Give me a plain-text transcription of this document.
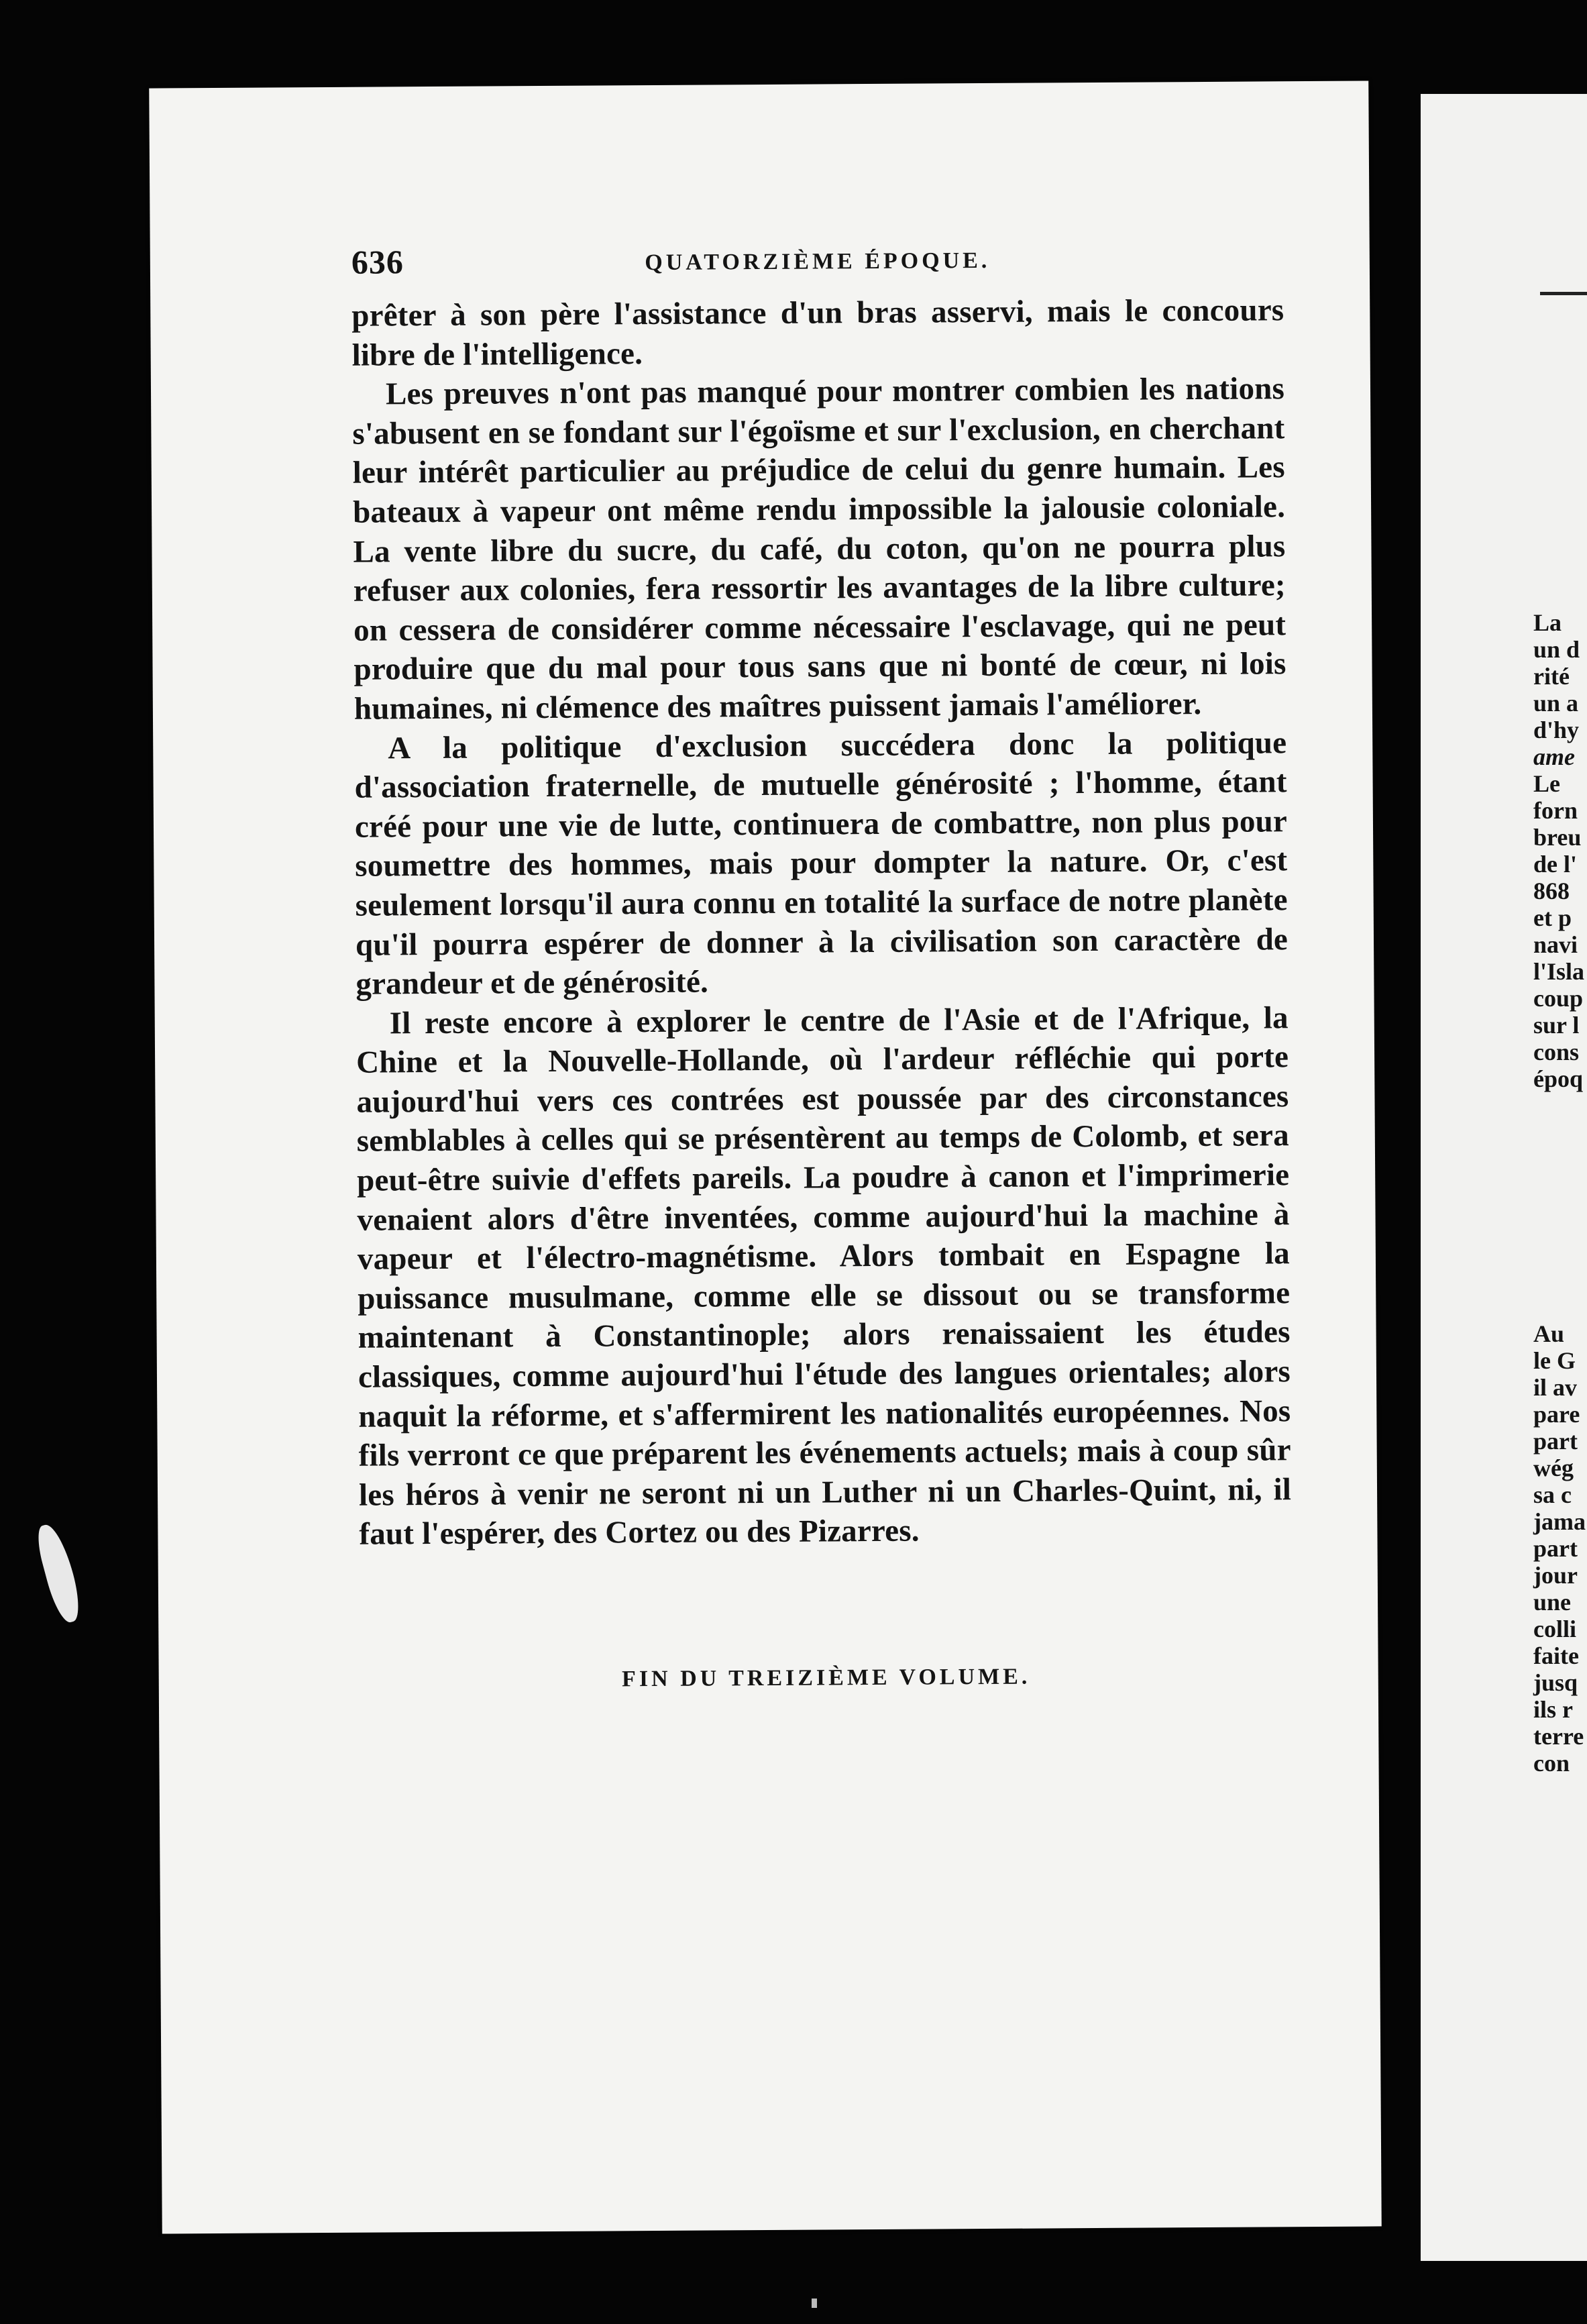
636	QUATORZIÈME ÉPOQUE.

prêter à son père l'assistance d'un bras asservi, mais le concours libre de l'intelligence.

Les preuves n'ont pas manqué pour montrer combien les nations s'abusent en se fondant sur l'égoïsme et sur l'exclusion, en cherchant leur intérêt particulier au préjudice de celui du genre humain. Les bateaux à vapeur ont même rendu impossible la jalousie coloniale. La vente libre du sucre, du café, du coton, qu'on ne pourra plus refuser aux colonies, fera ressortir les avantages de la libre culture; on cessera de considérer comme nécessaire l'esclavage, qui ne peut produire que du mal pour tous sans que ni bonté de cœur, ni lois humaines, ni clémence des maîtres puissent jamais l'améliorer.

A la politique d'exclusion succédera donc la politique d'association fraternelle, de mutuelle générosité ; l'homme, étant créé pour une vie de lutte, continuera de combattre, non plus pour soumettre des hommes, mais pour dompter la nature. Or, c'est seulement lorsqu'il aura connu en totalité la surface de notre planète qu'il pourra espérer de donner à la civilisation son caractère de grandeur et de générosité.

Il reste encore à explorer le centre de l'Asie et de l'Afrique, la Chine et la Nouvelle-Hollande, où l'ardeur réfléchie qui porte aujourd'hui vers ces contrées est poussée par des circonstances semblables à celles qui se présentèrent au temps de Colomb, et sera peut-être suivie d'effets pareils. La poudre à canon et l'imprimerie venaient alors d'être inventées, comme aujourd'hui la machine à vapeur et l'électro-magnétisme. Alors tombait en Espagne la puissance musulmane, comme elle se dissout ou se transforme maintenant à Constantinople; alors renaissaient les études classiques, comme aujourd'hui l'étude des langues orientales; alors naquit la réforme, et s'affermirent les nationalités européennes. Nos fils verront ce que préparent les événements actuels; mais à coup sûr les héros à venir ne seront ni un Luther ni un Charles-Quint, ni, il faut l'espérer, des Cortez ou des Pizarres.

FIN DU TREIZIÈME VOLUME.
La
un d
rité
un a
d'hy
ame
Le
forn
breu
de l'
868
et p
navi
l'Isla
coup
sur l
cons
époq
Au
le G
il av
pare
part
wég
sa c
jama
part
jour
une
colli
faite
jusq
ils r
terre
con
